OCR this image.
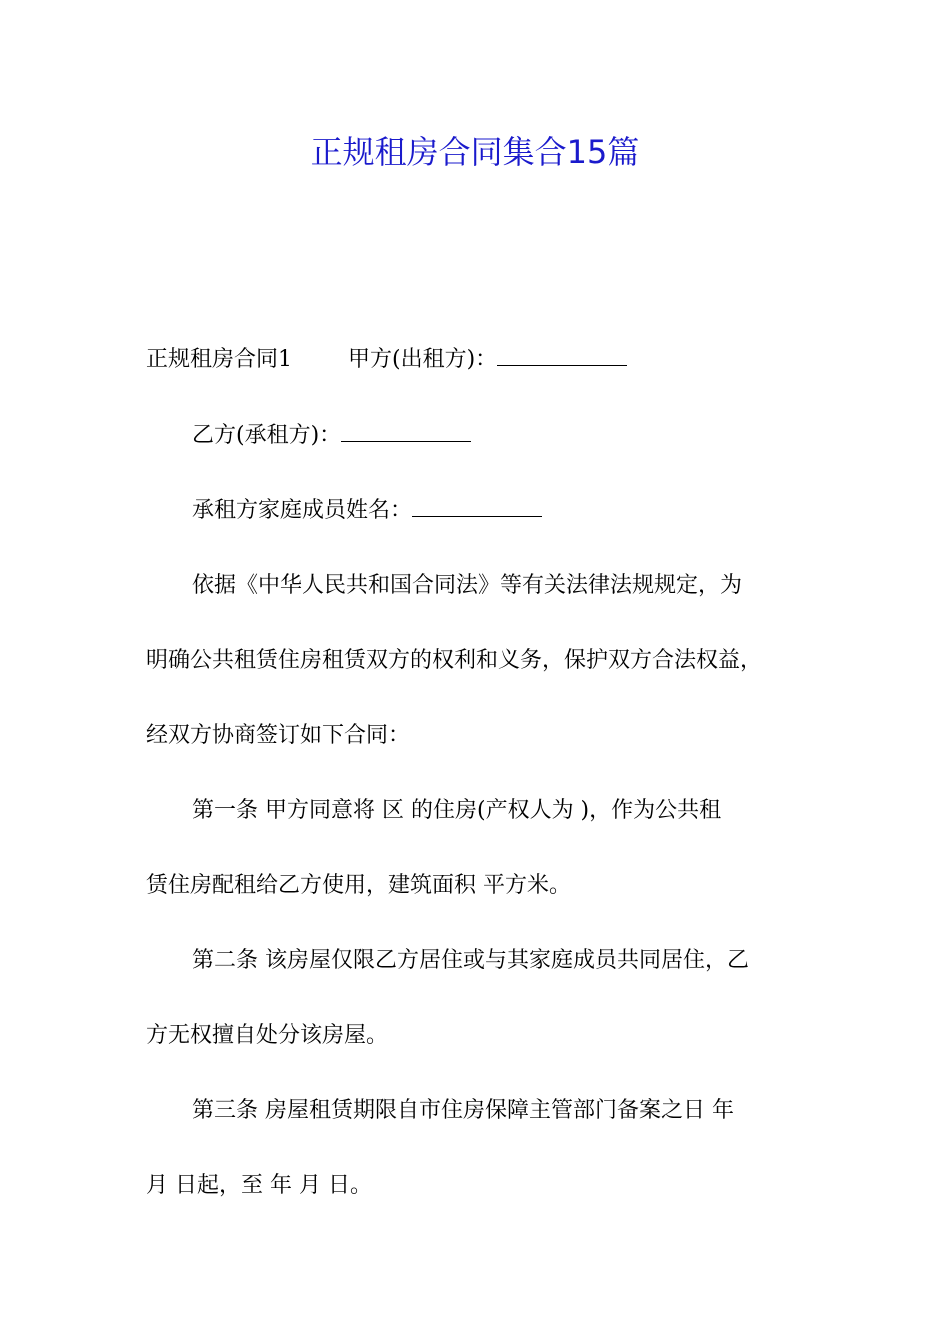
正规租房合同集合15篇
正规租房合同1	甲方(出租方)：
乙方(承租方)：
承租方家庭成员姓名：
依据《中华人民共和国合同法》等有关法律法规规定，为
明确公共租赁住房租赁双方的权利和义务，保护双方合法权益，
经双方协商签订如下合同：
第一条 甲方同意将 区 的住房(产权人为 )，作为公共租
赁住房配租给乙方使用，建筑面积 平方米。
第二条 该房屋仅限乙方居住或与其家庭成员共同居住，乙
方无权擅自处分该房屋。
第三条 房屋租赁期限自市住房保障主管部门备案之日 年
月 日起，至 年 月 日。
